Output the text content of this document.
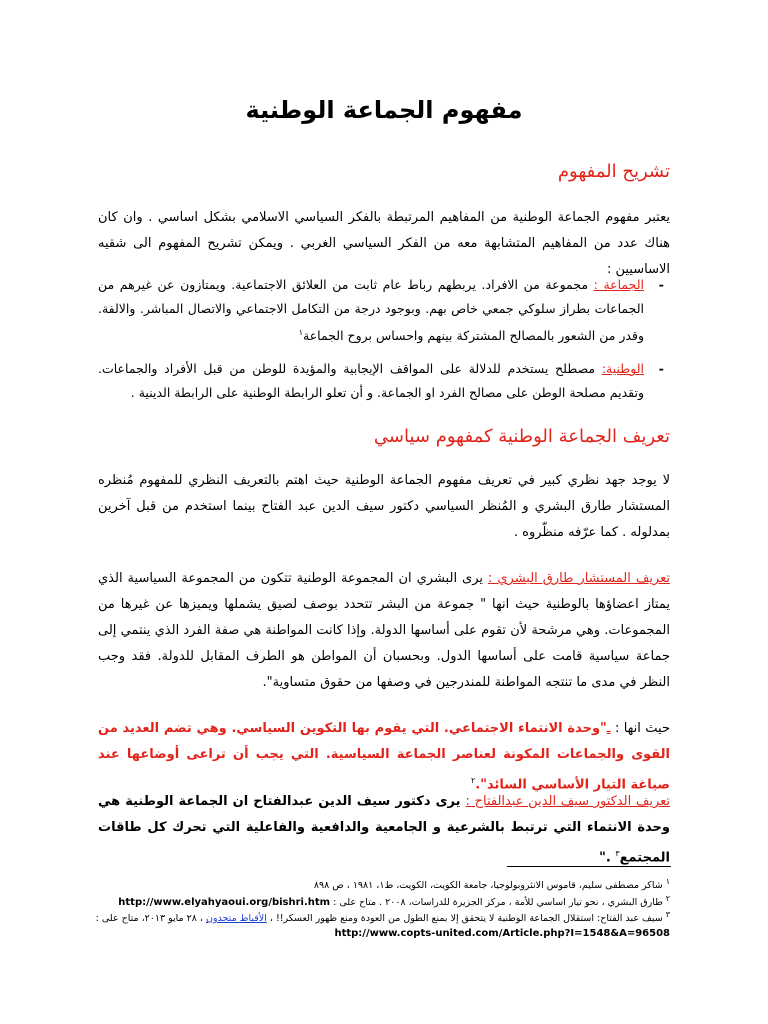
مفهوم الجماعة الوطنية
تشريح المفهوم

يعتبر مفهوم الجماعة الوطنية من المفاهيم المرتبطة بالفكر السياسي الاسلامي بشكل اساسي . وان كان هناك عدد من المفاهيم المتشابهة معه من الفكر السياسي الغربي . ويمكن تشريح المفهوم الى شقيه الاساسيين :

-
الجماعة : مجموعة من الافراد. يربطهم رباط عام ثابت من العلائق الاجتماعية. ويمتازون عن غيرهم من الجماعات بطراز سلوكي جمعي خاص بهم. وبوجود درجة من التكامل الاجتماعي والاتصال المباشر. والالفة. وقدر من الشعور بالمصالح المشتركة بينهم واحساس بروح الجماعة$^١$
-
الوطنية: مصطلح يستخدم للدلالة على المواقف الإيجابية والمؤيدة للوطن من قبل الأفراد والجماعات. وتقديم مصلحة الوطن على مصالح الفرد او الجماعة. و أن تعلو الرابطة الوطنية على الرابطة الدينية .
تعريف الجماعة الوطنية كمفهوم سياسي

لا يوجد جهد نظري كبير في تعريف مفهوم الجماعة الوطنية حيث اهتم بالتعريف النظري للمفهوم مُنظره المستشار طارق البشري و المُنظر السياسي دكتور سيف الدين عبد الفتاح بينما استخدم من قبل آخرين بمدلوله . كما عرّفه منظّروه .

تعريف المستشار طارق البشري : يرى البشري ان المجموعة الوطنية تتكون من المجموعة السياسية الذي يمتاز اعضاؤها بالوطنية حيث انها " جموعة من البشر تتحدد بوصف لصيق يشملها ويميزها عن غيرها من المجموعات. وهي مرشحة لأن تقوم على أساسها الدولة. وإذا كانت المواطنة هي صفة الفرد الذي ينتمي إلى جماعة سياسية قامت على أساسها الدول. وبحسبان أن المواطن هو الطرف المقابل للدولة. فقد وجب النظر في مدى ما تنتجه المواطنة للمندرجين في وصفها من حقوق متساوية".

حيث انها : ـ"وحدة الانتماء الاجتماعي. التي يقوم بها التكوين السياسي. وهي تضم العديد من القوى والجماعات المكونة لعناصر الجماعة السياسية. التي يجب أن تراعى أوضاعها عند صياغة التيار الأساسي السائد".$^٢$

تعريف الدكتور سيف الدين عبدالفتاح : يرى دكتور سيف الدين عبدالفتاح ان الجماعة الوطنية هي وحدة الانتماء التي ترتبط بالشرعية و الجامعية والدافعية والفاعلية التي تحرك كل طاقات المجتمع$^٣$ ."

$^١$ شاكر مصطفى سليم، قاموس الانثروبولوجيا، جامعة الكويت، الكويت، ط١، ١٩٨١ ، ص ٨٩٨
$^٢$ طارق البشري ، نحو تيار اساسي للأمة ، مركز الجزيرة للدراسات، ٢٠٠٨ . متاح على : http://www.elyahyaoui.org/bishri.htm
$^٣$ سيف عبد الفتاح: استقلال الجماعة الوطنية لا يتحقق إلا بمنع الطول من العودة ومنع ظهور العسكر!! ، الأقباط متحدون ، ٢٨ مايو ٢٠١٣، متاح على : http://www.copts-united.com/Article.php?I=1548&A=96508
